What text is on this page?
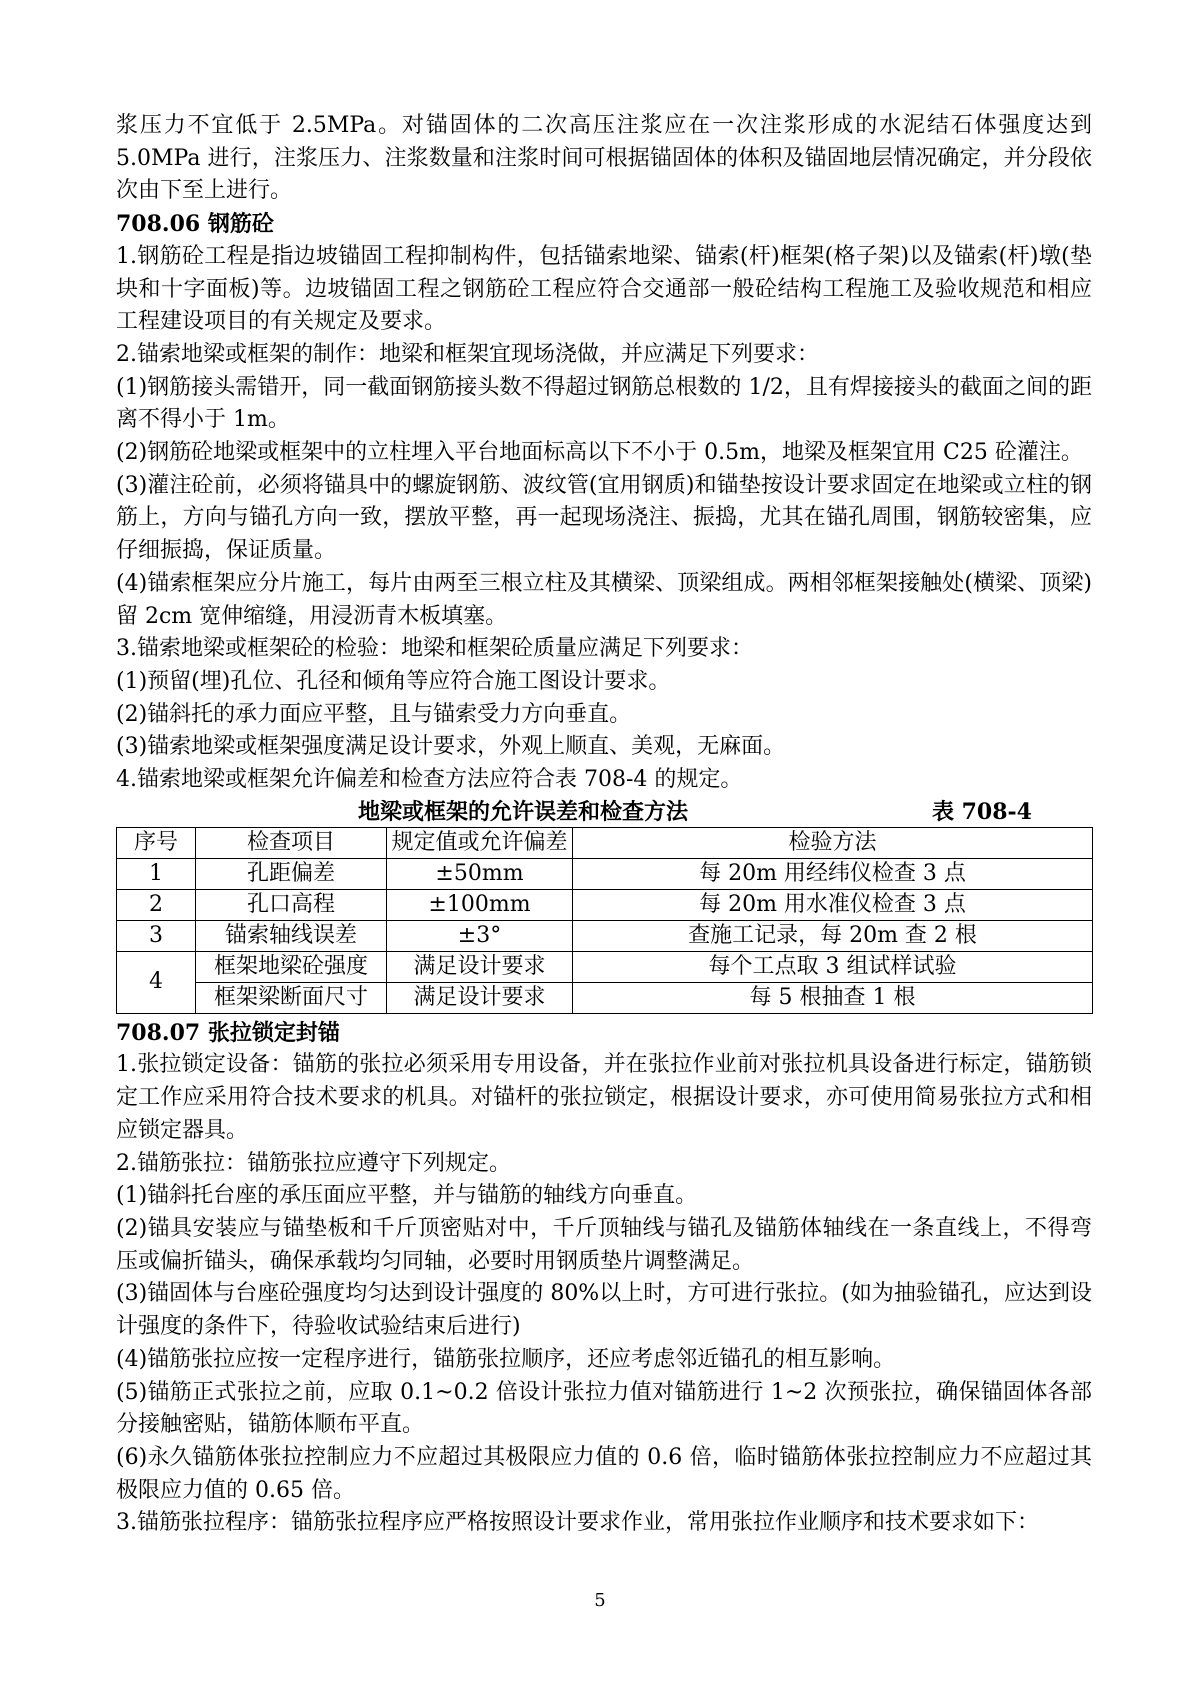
浆压力不宜低于 2.5MPa。对锚固体的二次高压注浆应在一次注浆形成的水泥结石体强度达到 5.0MPa 进行，注浆压力、注浆数量和注浆时间可根据锚固体的体积及锚固地层情况确定，并分段依次由下至上进行。

708.06 钢筋砼

1.钢筋砼工程是指边坡锚固工程抑制构件，包括锚索地梁、锚索(杆)框架(格子架)以及锚索(杆)墩(垫块和十字面板)等。边坡锚固工程之钢筋砼工程应符合交通部一般砼结构工程施工及验收规范和相应工程建设项目的有关规定及要求。

2.锚索地梁或框架的制作：地梁和框架宜现场浇做，并应满足下列要求：

(1)钢筋接头需错开，同一截面钢筋接头数不得超过钢筋总根数的 1/2，且有焊接接头的截面之间的距离不得小于 1m。

(2)钢筋砼地梁或框架中的立柱埋入平台地面标高以下不小于 0.5m，地梁及框架宜用 C25 砼灌注。

(3)灌注砼前，必须将锚具中的螺旋钢筋、波纹管(宜用钢质)和锚垫按设计要求固定在地梁或立柱的钢筋上，方向与锚孔方向一致，摆放平整，再一起现场浇注、振捣，尤其在锚孔周围，钢筋较密集，应仔细振捣，保证质量。

(4)锚索框架应分片施工，每片由两至三根立柱及其横梁、顶梁组成。两相邻框架接触处(横梁、顶梁)留 2cm 宽伸缩缝，用浸沥青木板填塞。

3.锚索地梁或框架砼的检验：地梁和框架砼质量应满足下列要求：

(1)预留(埋)孔位、孔径和倾角等应符合施工图设计要求。

(2)锚斜托的承力面应平整，且与锚索受力方向垂直。

(3)锚索地梁或框架强度满足设计要求，外观上顺直、美观，无麻面。

4.锚索地梁或框架允许偏差和检查方法应符合表 708-4 的规定。

地梁或框架的允许误差和检查方法	表 708-4
序号	检查项目	规定值或允许偏差	检验方法
1	孔距偏差	±50mm	每 20m 用经纬仪检查 3 点
2	孔口高程	±100mm	每 20m 用水准仪检查 3 点
3	锚索轴线误差	±3°	查施工记录，每 20m 查 2 根
4	框架地梁砼强度	满足设计要求	每个工点取 3 组试样试验
	框架梁断面尺寸	满足设计要求	每 5 根抽查 1 根

708.07 张拉锁定封锚

1.张拉锁定设备：锚筋的张拉必须采用专用设备，并在张拉作业前对张拉机具设备进行标定，锚筋锁定工作应采用符合技术要求的机具。对锚杆的张拉锁定，根据设计要求，亦可使用简易张拉方式和相应锁定器具。

2.锚筋张拉：锚筋张拉应遵守下列规定。

(1)锚斜托台座的承压面应平整，并与锚筋的轴线方向垂直。

(2)锚具安装应与锚垫板和千斤顶密贴对中，千斤顶轴线与锚孔及锚筋体轴线在一条直线上，不得弯压或偏折锚头，确保承载均匀同轴，必要时用钢质垫片调整满足。

(3)锚固体与台座砼强度均匀达到设计强度的 80%以上时，方可进行张拉。(如为抽验锚孔，应达到设计强度的条件下，待验收试验结束后进行)

(4)锚筋张拉应按一定程序进行，锚筋张拉顺序，还应考虑邻近锚孔的相互影响。

(5)锚筋正式张拉之前，应取 0.1~0.2 倍设计张拉力值对锚筋进行 1~2 次预张拉，确保锚固体各部分接触密贴，锚筋体顺布平直。

(6)永久锚筋体张拉控制应力不应超过其极限应力值的 0.6 倍，临时锚筋体张拉控制应力不应超过其极限应力值的 0.65 倍。

3.锚筋张拉程序：锚筋张拉程序应严格按照设计要求作业，常用张拉作业顺序和技术要求如下：

5
